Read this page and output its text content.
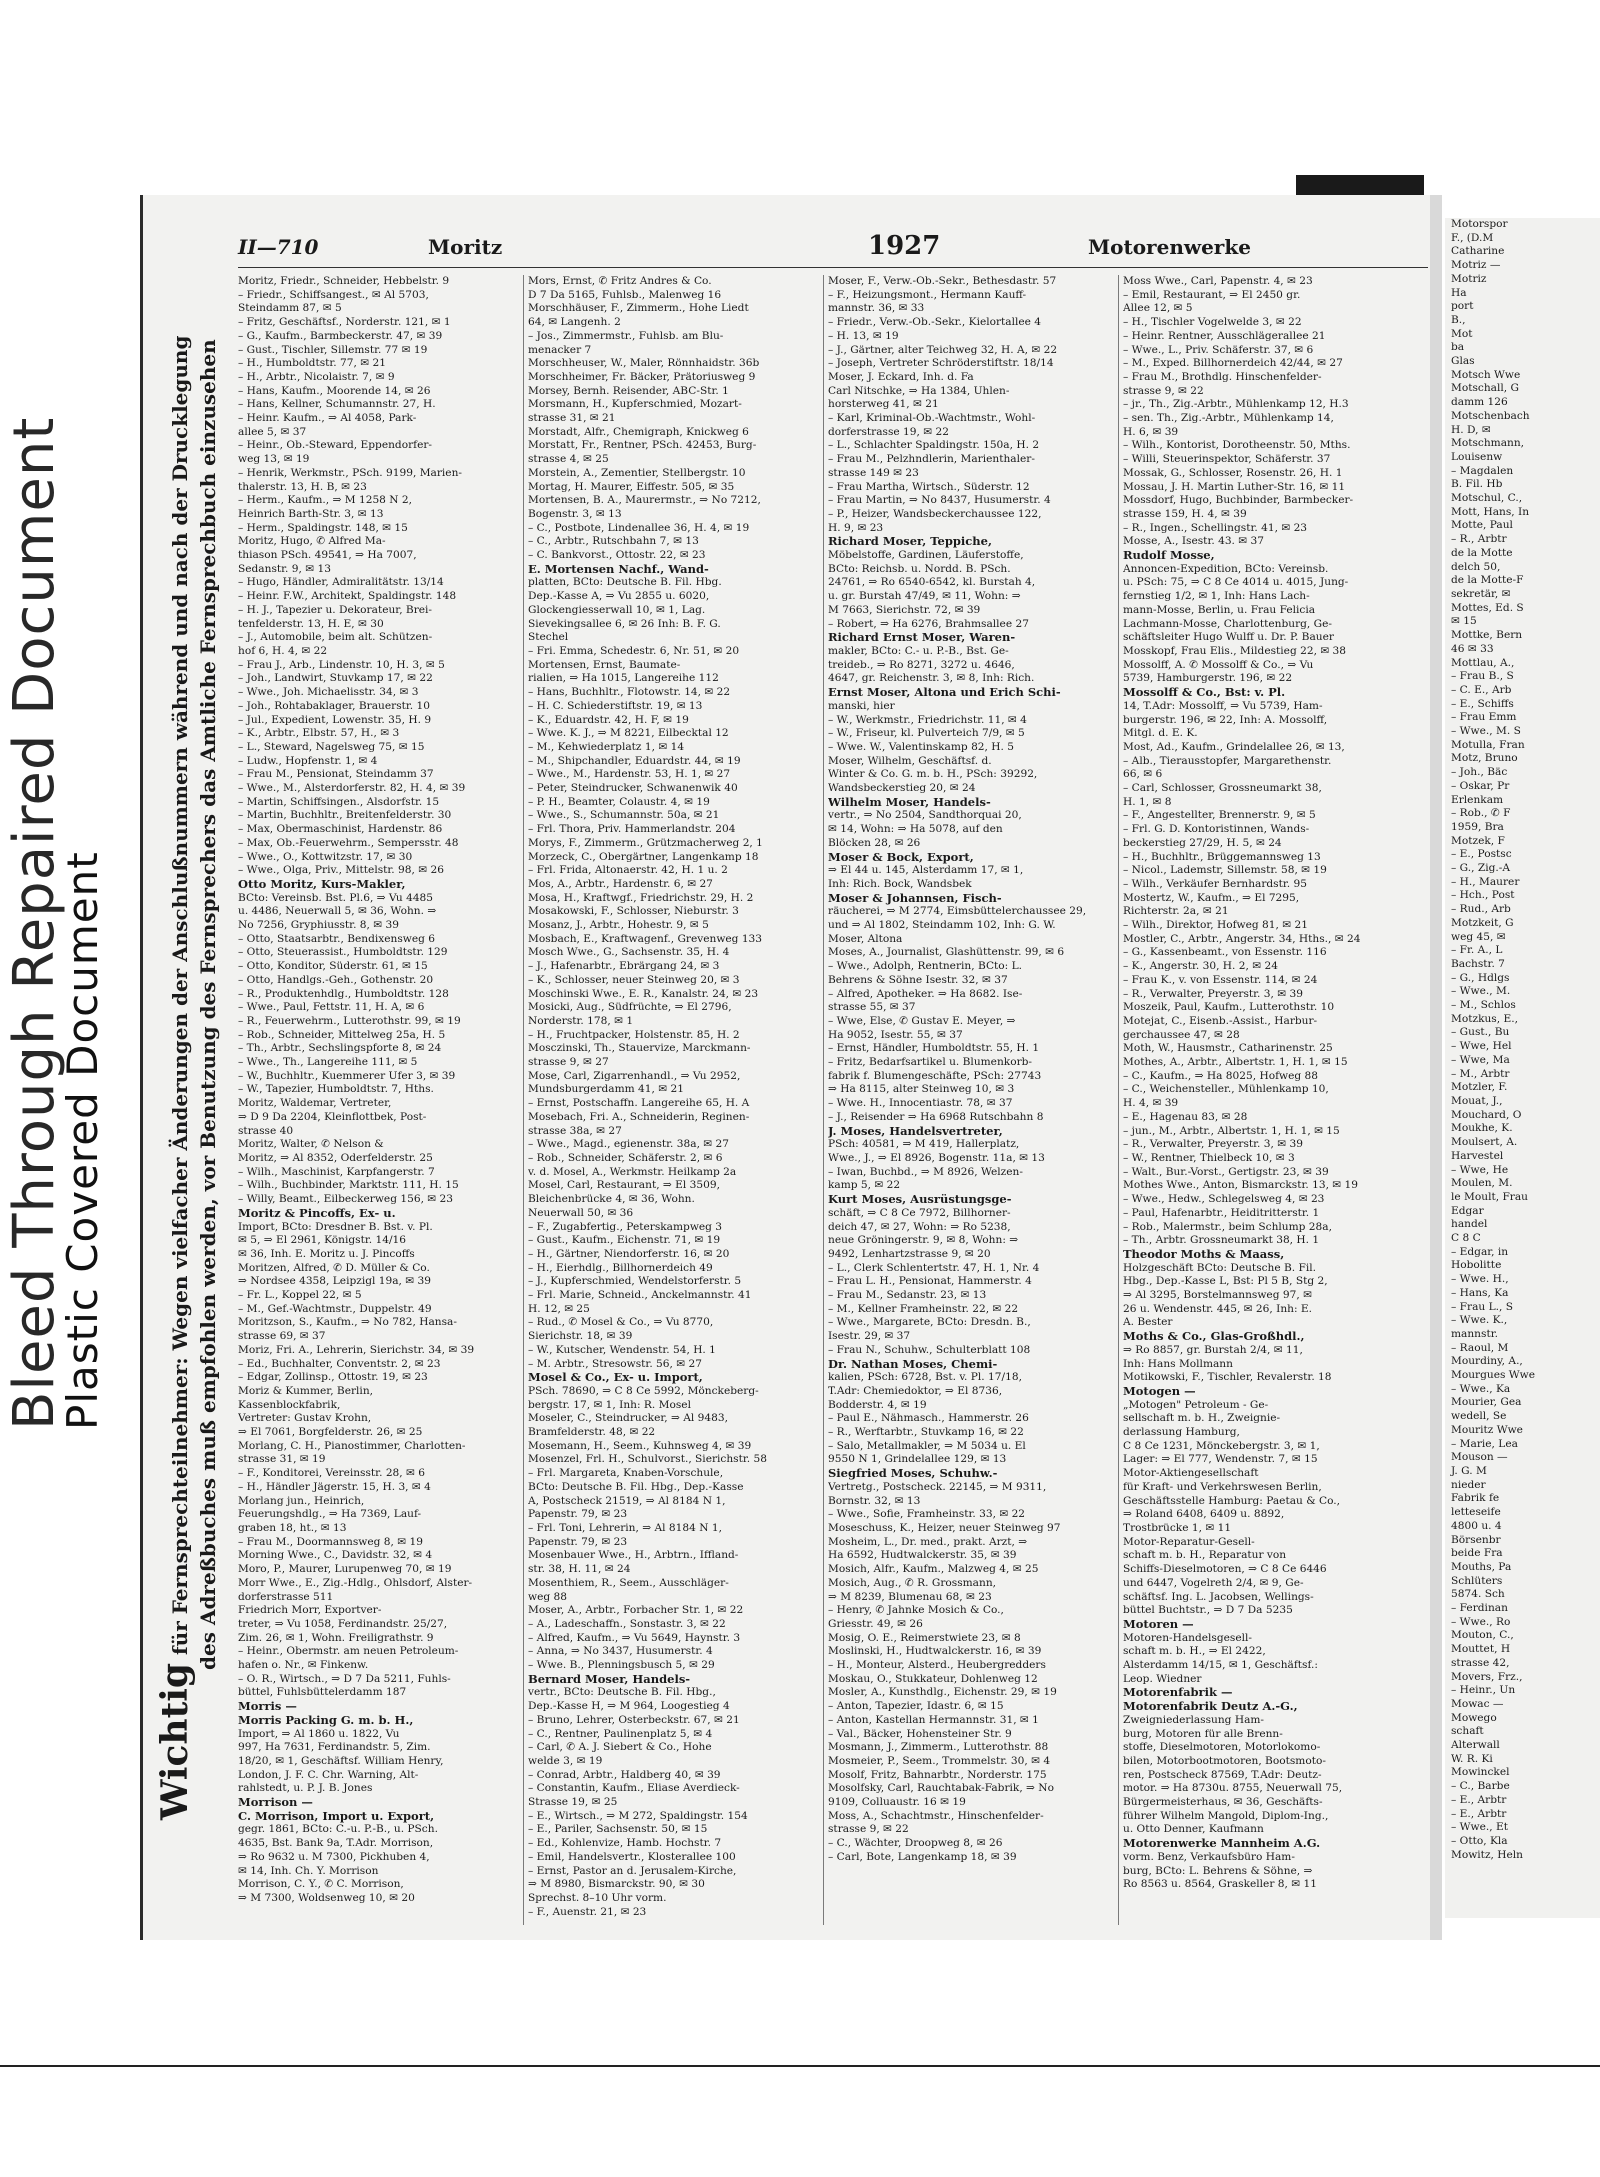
Bleed Through Repaired Document
Plastic Covered Document
II—710	Moritz	1927	Motorenwerke
Wichtigfür Fernsprechteilnehmer: Wegen vielfacher Änderungen der Anschlußnummern während und nach der Drucklegung des Adreßbuches muß empfohlen werden, vor Benutzung des Fernsprechers das Amtliche Fernsprechbuch einzusehen
Moritz, Friedr., Schneider, Hebbelstr. 9
– Friedr., Schiffsangest., ✉ Al 5703,
Steindamm 87, ✉ 5
– Fritz, Geschäftsf., Norderstr. 121, ✉ 1
– G., Kaufm., Barmbeckerstr. 47, ✉ 39
– Gust., Tischler, Sillemstr. 77 ✉ 19
– H., Humboldtstr. 77, ✉ 21
– H., Arbtr., Nicolaistr. 7, ✉ 9
– Hans, Kaufm., Moorende 14, ✉ 26
– Hans, Kellner, Schumannstr. 27, H.
– Heinr. Kaufm., ⇒ Al 4058, Park-
allee 5, ✉ 37
– Heinr., Ob.-Steward, Eppendorfer-
weg 13, ✉ 19
– Henrik, Werkmstr., PSch. 9199, Marien-
thalerstr. 13, H. B, ✉ 23
– Herm., Kaufm., ⇒ M 1258 N 2,
Heinrich Barth-Str. 3, ✉ 13
– Herm., Spaldingstr. 148, ✉ 15
Moritz, Hugo, ✆ Alfred Ma-
thiason PSch. 49541, ⇒ Ha 7007,
Sedanstr. 9, ✉ 13
– Hugo, Händler, Admiralitätstr. 13/14
– Heinr. F.W., Architekt, Spaldingstr. 148
– H. J., Tapezier u. Dekorateur, Brei-
tenfelderstr. 13, H. E, ✉ 30
– J., Automobile, beim alt. Schützen-
hof 6, H. 4, ✉ 22
– Frau J., Arb., Lindenstr. 10, H. 3, ✉ 5
– Joh., Landwirt, Stuvkamp 17, ✉ 22
– Wwe., Joh. Michaelisstr. 34, ✉ 3
– Joh., Rohtabaklager, Brauerstr. 10
– Jul., Expedient, Lowenstr. 35, H. 9
– K., Arbtr., Elbstr. 57, H., ✉ 3
– L., Steward, Nagelsweg 75, ✉ 15
– Ludw., Hopfenstr. 1, ✉ 4
– Frau M., Pensionat, Steindamm 37
– Wwe., M., Alsterdorferstr. 82, H. 4, ✉ 39
– Martin, Schiffsingen., Alsdorfstr. 15
– Martin, Buchhltr., Breitenfelderstr. 30
– Max, Obermaschinist, Hardenstr. 86
– Max, Ob.-Feuerwehrm., Sempersstr. 48
– Wwe., O., Kottwitzstr. 17, ✉ 30
– Wwe., Olga, Priv., Mittelstr. 98, ✉ 26
Otto Moritz, Kurs-Makler,
BCto: Vereinsb. Bst. Pl.6, ⇒ Vu 4485
u. 4486, Neuerwall 5, ✉ 36, Wohn. ⇒
No 7256, Gryphiusstr. 8, ✉ 39
– Otto, Staatsarbtr., Bendixensweg 6
– Otto, Steuerassist., Humboldtstr. 129
– Otto, Konditor, Süderstr. 61, ✉ 15
– Otto, Handlgs.-Geh., Gothenstr. 20
– R., Produktenhdlg., Humboldtstr. 128
– Wwe., Paul, Fettstr. 11, H. A, ✉ 6
– R., Feuerwehrm., Lutterothstr. 99, ✉ 19
– Rob., Schneider, Mittelweg 25a, H. 5
– Th., Arbtr., Sechslingspforte 8, ✉ 24
– Wwe., Th., Langereihe 111, ✉ 5
– W., Buchhltr., Kuemmerer Ufer 3, ✉ 39
– W., Tapezier, Humboldtstr. 7, Hths.
Moritz, Waldemar, Vertreter,
⇒ D 9 Da 2204, Kleinflottbek, Post-
strasse 40
Moritz, Walter, ✆ Nelson &
Moritz, ⇒ Al 8352, Oderfelderstr. 25
– Wilh., Maschinist, Karpfangerstr. 7
– Wilh., Buchbinder, Marktstr. 111, H. 15
– Willy, Beamt., Eilbeckerweg 156, ✉ 23
Moritz & Pincoffs, Ex- u.
Import, BCto: Dresdner B. Bst. v. Pl.
✉ 5, ⇒ El 2961, Königstr. 14/16
✉ 36, Inh. E. Moritz u. J. Pincoffs
Moritzen, Alfred, ✆ D. Müller & Co.
⇒ Nordsee 4358, Leipzigl 19a, ✉ 39
– Fr. L., Koppel 22, ✉ 5
– M., Gef.-Wachtmstr., Duppelstr. 49
Moritzson, S., Kaufm., ⇒ No 782, Hansa-
strasse 69, ✉ 37
Moriz, Fri. A., Lehrerin, Sierichstr. 34, ✉ 39
– Ed., Buchhalter, Conventstr. 2, ✉ 23
– Edgar, Zollinsp., Ottostr. 19, ✉ 23
Moriz & Kummer, Berlin,
Kassenblockfabrik,
Vertreter: Gustav Krohn,
⇒ El 7061, Borgfelderstr. 26, ✉ 25
Morlang, C. H., Pianostimmer, Charlotten-
strasse 31, ✉ 19
– F., Konditorei, Vereinsstr. 28, ✉ 6
– H., Händler Jägerstr. 15, H. 3, ✉ 4
Morlang jun., Heinrich,
Feuerungshdlg., ⇒ Ha 7369, Lauf-
graben 18, ht., ✉ 13
– Frau M., Doormannsweg 8, ✉ 19
Morning Wwe., C., Davidstr. 32, ✉ 4
Moro, P., Maurer, Lurupenweg 70, ✉ 19
Morr Wwe., E., Zig.-Hdlg., Ohlsdorf, Alster-
dorferstrasse 511
Friedrich Morr, Exportver-
treter, ⇒ Vu 1058, Ferdinandstr. 25/27,
Zim. 26, ✉ 1, Wohn. Freiligrathstr. 9
– Heinr., Obermstr. am neuen Petroleum-
hafen o. Nr., ✉ Finkenw.
– O. R., Wirtsch., ⇒ D 7 Da 5211, Fuhls-
büttel, Fuhlsbüttelerdamm 187
Morris —
Morris Packing G. m. b. H.,
Import, ⇒ Al 1860 u. 1822, Vu
997, Ha 7631, Ferdinandstr. 5, Zim.
18/20, ✉ 1, Geschäftsf. William Henry,
London, J. F. C. Chr. Warning, Alt-
rahlstedt, u. P. J. B. Jones
Morrison —
C. Morrison, Import u. Export,
gegr. 1861, BCto: C.-u. P.-B., u. PSch.
4635, Bst. Bank 9a, T.Adr. Morrison,
⇒ Ro 9632 u. M 7300, Pickhuben 4,
✉ 14, Inh. Ch. Y. Morrison
Morrison, C. Y., ✆ C. Morrison,
⇒ M 7300, Woldsenweg 10, ✉ 20
Mors, Ernst, ✆ Fritz Andres & Co.
D 7 Da 5165, Fuhlsb., Malenweg 16
Morschhäuser, F., Zimmerm., Hohe Liedt
64, ✉ Langenh. 2
– Jos., Zimmermstr., Fuhlsb. am Blu-
menacker 7
Morschheuser, W., Maler, Rönnhaidstr. 36b
Morschheimer, Fr. Bäcker, Prätoriusweg 9
Morsey, Bernh. Reisender, ABC-Str. 1
Morsmann, H., Kupferschmied, Mozart-
strasse 31, ✉ 21
Morstadt, Alfr., Chemigraph, Knickweg 6
Morstatt, Fr., Rentner, PSch. 42453, Burg-
strasse 4, ✉ 25
Morstein, A., Zementier, Stellbergstr. 10
Mortag, H. Maurer, Eiffestr. 505, ✉ 35
Mortensen, B. A., Maurermstr., ⇒ No 7212,
Bogenstr. 3, ✉ 13
– C., Postbote, Lindenallee 36, H. 4, ✉ 19
– C., Arbtr., Rutschbahn 7, ✉ 13
– C. Bankvorst., Ottostr. 22, ✉ 23
E. Mortensen Nachf., Wand-
platten, BCto: Deutsche B. Fil. Hbg.
Dep.-Kasse A, ⇒ Vu 2855 u. 6020,
Glockengiesserwall 10, ✉ 1, Lag.
Sievekingsallee 6, ✉ 26 Inh: B. F. G.
Stechel
– Fri. Emma, Schedestr. 6, Nr. 51, ✉ 20
Mortensen, Ernst, Baumate-
rialien, ⇒ Ha 1015, Langereihe 112
– Hans, Buchhltr., Flotowstr. 14, ✉ 22
– H. C. Schiederstiftstr. 19, ✉ 13
– K., Eduardstr. 42, H. F, ✉ 19
– Wwe. K. J., ⇒ M 8221, Eilbecktal 12
– M., Kehwiederplatz 1, ✉ 14
– M., Shipchandler, Eduardstr. 44, ✉ 19
– Wwe., M., Hardenstr. 53, H. 1, ✉ 27
– Peter, Steindrucker, Schwanenwik 40
– P. H., Beamter, Colaustr. 4, ✉ 19
– Wwe., S., Schumannstr. 50a, ✉ 21
– Frl. Thora, Priv. Hammerlandstr. 204
Morys, F., Zimmerm., Grützmacherweg 2, 1
Morzeck, C., Obergärtner, Langenkamp 18
– Frl. Frida, Altonaerstr. 42, H. 1 u. 2
Mos, A., Arbtr., Hardenstr. 6, ✉ 27
Mosa, H., Kraftwgf., Friedrichstr. 29, H. 2
Mosakowski, F., Schlosser, Nieburstr. 3
Mosanz, J., Arbtr., Hohestr. 9, ✉ 5
Mosbach, E., Kraftwagenf., Grevenweg 133
Mosch Wwe., G., Sachsenstr. 35, H. 4
– J., Hafenarbtr., Ebrärgang 24, ✉ 3
– K., Schlosser, neuer Steinweg 20, ✉ 3
Moschinski Wwe., E. R., Kanalstr. 24, ✉ 23
Mosicki, Aug., Südfrüchte, ⇒ El 2796,
Norderstr. 178, ✉ 1
– H., Fruchtpacker, Holstenstr. 85, H. 2
Mosczinski, Th., Stauervize, Marckmann-
strasse 9, ✉ 27
Mose, Carl, Zigarrenhandl., ⇒ Vu 2952,
Mundsburgerdamm 41, ✉ 21
– Ernst, Postschaffn. Langereihe 65, H. A
Mosebach, Fri. A., Schneiderin, Reginen-
strasse 38a, ✉ 27
– Wwe., Magd., egienenstr. 38a, ✉ 27
– Rob., Schneider, Schäferstr. 2, ✉ 6
v. d. Mosel, A., Werkmstr. Heilkamp 2a
Mosel, Carl, Restaurant, ⇒ El 3509,
Bleichenbrücke 4, ✉ 36, Wohn.
Neuerwall 50, ✉ 36
– F., Zugabfertig., Peterskampweg 3
– Gust., Kaufm., Eichenstr. 71, ✉ 19
– H., Gärtner, Niendorferstr. 16, ✉ 20
– H., Eierhdlg., Billhornerdeich 49
– J., Kupferschmied, Wendelstorferstr. 5
– Frl. Marie, Schneid., Anckelmannstr. 41
H. 12, ✉ 25
– Rud., ✆ Mosel & Co., ⇒ Vu 8770,
Sierichstr. 18, ✉ 39
– W., Kutscher, Wendenstr. 54, H. 1
– M. Arbtr., Stresowstr. 56, ✉ 27
Mosel & Co., Ex- u. Import,
PSch. 78690, ⇒ C 8 Ce 5992, Mönckeberg-
bergstr. 17, ✉ 1, Inh: R. Mosel
Moseler, C., Steindrucker, ⇒ Al 9483,
Bramfelderstr. 48, ✉ 22
Mosemann, H., Seem., Kuhnsweg 4, ✉ 39
Mosenzel, Frl. H., Schulvorst., Sierichstr. 58
– Frl. Margareta, Knaben-Vorschule,
BCto: Deutsche B. Fil. Hbg., Dep.-Kasse
A, Postscheck 21519, ⇒ Al 8184 N 1,
Papenstr. 79, ✉ 23
– Frl. Toni, Lehrerin, ⇒ Al 8184 N 1,
Papenstr. 79, ✉ 23
Mosenbauer Wwe., H., Arbtrn., Iffland-
str. 38, H. 11, ✉ 24
Mosenthiem, R., Seem., Ausschläger-
weg 88
Moser, A., Arbtr., Forbacher Str. 1, ✉ 22
– A., Ladeschaffn., Sonstastr. 3, ✉ 22
– Alfred, Kaufm., ⇒ Vu 5649, Haynstr. 3
– Anna, ⇒ No 3437, Husumerstr. 4
– Wwe. B., Plenningsbusch 5, ✉ 29
Bernard Moser, Handels-
vertr., BCto: Deutsche B. Fil. Hbg.,
Dep.-Kasse H, ⇒ M 964, Loogestieg 4
– Bruno, Lehrer, Osterbeckstr. 67, ✉ 21
– C., Rentner, Paulinenplatz 5, ✉ 4
– Carl, ✆ A. J. Siebert & Co., Hohe
welde 3, ✉ 19
– Conrad, Arbtr., Haldberg 40, ✉ 39
– Constantin, Kaufm., Eliase Averdieck-
Strasse 19, ✉ 25
– E., Wirtsch., ⇒ M 272, Spaldingstr. 154
– E., Pariler, Sachsenstr. 50, ✉ 15
– Ed., Kohlenvize, Hamb. Hochstr. 7
– Emil, Handelsvertr., Klosterallee 100
– Ernst, Pastor an d. Jerusalem-Kirche,
⇒ M 8980, Bismarckstr. 90, ✉ 30
Sprechst. 8–10 Uhr vorm.
– F., Auenstr. 21, ✉ 23
Moser, F., Verw.-Ob.-Sekr., Bethesdastr. 57
– F., Heizungsmont., Hermann Kauff-
mannstr. 36, ✉ 33
– Friedr., Verw.-Ob.-Sekr., Kielortallee 4
– H. 13, ✉ 19
– J., Gärtner, alter Teichweg 32, H. A, ✉ 22
– Joseph, Vertreter Schröderstiftstr. 18/14
Moser, J. Eckard, Inh. d. Fa
Carl Nitschke, ⇒ Ha 1384, Uhlen-
horsterweg 41, ✉ 21
– Karl, Kriminal-Ob.-Wachtmstr., Wohl-
dorferstrasse 19, ✉ 22
– L., Schlachter Spaldingstr. 150a, H. 2
– Frau M., Pelzhndlerin, Marienthaler-
strasse 149 ✉ 23
– Frau Martha, Wirtsch., Süderstr. 12
– Frau Martin, ⇒ No 8437, Husumerstr. 4
– P., Heizer, Wandsbeckerchaussee 122,
H. 9, ✉ 23
Richard Moser, Teppiche,
Möbelstoffe, Gardinen, Läuferstoffe,
BCto: Reichsb. u. Nordd. B. PSch.
24761, ⇒ Ro 6540-6542, kl. Burstah 4,
u. gr. Burstah 47/49, ✉ 11, Wohn: ⇒
M 7663, Sierichstr. 72, ✉ 39
– Robert, ⇒ Ha 6276, Brahmsallee 27
Richard Ernst Moser, Waren-
makler, BCto: C.- u. P.-B., Bst. Ge-
treideb., ⇒ Ro 8271, 3272 u. 4646,
4647, gr. Reichenstr. 3, ✉ 8, Inh: Rich.
Ernst Moser, Altona und Erich Schi-
manski, hier
– W., Werkmstr., Friedrichstr. 11, ✉ 4
– W., Friseur, kl. Pulverteich 7/9, ✉ 5
– Wwe. W., Valentinskamp 82, H. 5
Moser, Wilhelm, Geschäftsf. d.
Winter & Co. G. m. b. H., PSch: 39292,
Wandsbeckerstieg 20, ✉ 24
Wilhelm Moser, Handels-
vertr., ⇒ No 2504, Sandthorquai 20,
✉ 14, Wohn: ⇒ Ha 5078, auf den
Blöcken 28, ✉ 26
Moser & Bock, Export,
⇒ El 44 u. 145, Alsterdamm 17, ✉ 1,
Inh: Rich. Bock, Wandsbek
Moser & Johannsen, Fisch-
räucherei, ⇒ M 2774, Eimsbüttelerchaussee 29,
und ⇒ Al 1802, Steindamm 102, Inh: G. W.
Moser, Altona
Moses, A., Journalist, Glashüttenstr. 99, ✉ 6
– Wwe., Adolph, Rentnerin, BCto: L.
Behrens & Söhne Isestr. 32, ✉ 37
– Alfred, Apotheker. ⇒ Ha 8682. Ise-
strasse 55, ✉ 37
– Wwe, Else, ✆ Gustav E. Meyer, ⇒
Ha 9052, Isestr. 55, ✉ 37
– Ernst, Händler, Humboldtstr. 55, H. 1
– Fritz, Bedarfsartikel u. Blumenkorb-
fabrik f. Blumengeschäfte, PSch: 27743
⇒ Ha 8115, alter Steinweg 10, ✉ 3
– Wwe. H., Innocentiastr. 78, ✉ 37
– J., Reisender ⇒ Ha 6968 Rutschbahn 8
J. Moses, Handelsvertreter,
PSch: 40581, ⇒ M 419, Hallerplatz,
Wwe., J., ⇒ El 8926, Bogenstr. 11a, ✉ 13
– Iwan, Buchbd., ⇒ M 8926, Welzen-
kamp 5, ✉ 22
Kurt Moses, Ausrüstungsge-
schäft, ⇒ C 8 Ce 7972, Billhorner-
deich 47, ✉ 27, Wohn: ⇒ Ro 5238,
neue Gröningerstr. 9, ✉ 8, Wohn: ⇒
9492, Lenhartzstrasse 9, ✉ 20
– L., Clerk Schlentertstr. 47, H. 1, Nr. 4
– Frau L. H., Pensionat, Hammerstr. 4
– Frau M., Sedanstr. 23, ✉ 13
– M., Kellner Framheinstr. 22, ✉ 22
– Wwe., Margarete, BCto: Dresdn. B.,
Isestr. 29, ✉ 37
– Frau N., Schuhw., Schulterblatt 108
Dr. Nathan Moses, Chemi-
kalien, PSch: 6728, Bst. v. Pl. 17/18,
T.Adr: Chemiedoktor, ⇒ El 8736,
Bodderstr. 4, ✉ 19
– Paul E., Nähmasch., Hammerstr. 26
– R., Werftarbtr., Stuvkamp 16, ✉ 22
– Salo, Metallmakler, ⇒ M 5034 u. El
9550 N 1, Grindelallee 129, ✉ 13
Siegfried Moses, Schuhw.-
Vertretg., Postscheck. 22145, ⇒ M 9311,
Bornstr. 32, ✉ 13
– Wwe., Sofie, Framheinstr. 33, ✉ 22
Moseschuss, K., Heizer, neuer Steinweg 97
Mosheim, L., Dr. med., prakt. Arzt, ⇒
Ha 6592, Hudtwalckerstr. 35, ✉ 39
Mosich, Alfr., Kaufm., Malzweg 4, ✉ 25
Mosich, Aug., ✆ R. Grossmann,
⇒ M 8239, Blumenau 68, ✉ 23
– Henry, ✆ Jahnke Mosich & Co.,
Griesstr. 49, ✉ 26
Mosig, O. E., Reimerstwiete 23, ✉ 8
Moslinski, H., Hudtwalckerstr. 16, ✉ 39
– H., Monteur, Alsterd., Heubergredders
Moskau, O., Stukkateur, Dohlenweg 12
Mosler, A., Kunsthdlg., Eichenstr. 29, ✉ 19
– Anton, Tapezier, Idastr. 6, ✉ 15
– Anton, Kastellan Hermannstr. 31, ✉ 1
– Val., Bäcker, Hohensteiner Str. 9
Mosmann, J., Zimmerm., Lutterothstr. 88
Mosmeier, P., Seem., Trommelstr. 30, ✉ 4
Mosolf, Fritz, Bahnarbtr., Norderstr. 175
Mosolfsky, Carl, Rauchtabak-Fabrik, ⇒ No
9109, Colluaustr. 16 ✉ 19
Moss, A., Schachtmstr., Hinschenfelder-
strasse 9, ✉ 22
– C., Wächter, Droopweg 8, ✉ 26
– Carl, Bote, Langenkamp 18, ✉ 39
Moss Wwe., Carl, Papenstr. 4, ✉ 23
– Emil, Restaurant, ⇒ El 2450 gr.
Allee 12, ✉ 5
– H., Tischler Vogelwelde 3, ✉ 22
– Heinr. Rentner, Ausschlägerallee 21
– Wwe., L., Priv. Schäferstr. 37, ✉ 6
– M., Exped. Billhornerdeich 42/44, ✉ 27
– Frau M., Brothdlg. Hinschenfelder-
strasse 9, ✉ 22
– jr., Th., Zig.-Arbtr., Mühlenkamp 12, H.3
– sen. Th., Zig.-Arbtr., Mühlenkamp 14,
H. 6, ✉ 39
– Wilh., Kontorist, Dorotheenstr. 50, Mths.
– Willi, Steuerinspektor, Schäferstr. 37
Mossak, G., Schlosser, Rosenstr. 26, H. 1
Mossau, J. H. Martin Luther-Str. 16, ✉ 11
Mossdorf, Hugo, Buchbinder, Barmbecker-
strasse 159, H. 4, ✉ 39
– R., Ingen., Schellingstr. 41, ✉ 23
Mosse, A., Isestr. 43. ✉ 37
Rudolf Mosse,
Annoncen-Expedition, BCto: Vereinsb.
u. PSch: 75, ⇒ C 8 Ce 4014 u. 4015, Jung-
fernstieg 1/2, ✉ 1, Inh: Hans Lach-
mann-Mosse, Berlin, u. Frau Felicia
Lachmann-Mosse, Charlottenburg, Ge-
schäftsleiter Hugo Wulff u. Dr. P. Bauer
Mosskopf, Frau Elis., Mildestieg 22, ✉ 38
Mossolff, A. ✆ Mossolff & Co., ⇒ Vu
5739, Hamburgerstr. 196, ✉ 22
Mossolff & Co., Bst: v. Pl.
14, T.Adr: Mossolff, ⇒ Vu 5739, Ham-
burgerstr. 196, ✉ 22, Inh: A. Mossolff,
Mitgl. d. E. K.
Most, Ad., Kaufm., Grindelallee 26, ✉ 13,
– Alb., Tierausstopfer, Margarethenstr.
66, ✉ 6
– Carl, Schlosser, Grossneumarkt 38,
H. 1, ✉ 8
– F., Angestellter, Brennerstr. 9, ✉ 5
– Frl. G. D. Kontoristinnen, Wands-
beckerstieg 27/29, H. 5, ✉ 24
– H., Buchhltr., Brüggemannsweg 13
– Nicol., Lademstr, Sillemstr. 58, ✉ 19
– Wilh., Verkäufer Bernhardstr. 95
Mostertz, W., Kaufm., ⇒ El 7295,
Richterstr. 2a, ✉ 21
– Wilh., Direktor, Hofweg 81, ✉ 21
Mostler, C., Arbtr., Angerstr. 34, Hths., ✉ 24
– G., Kassenbeamt., von Essenstr. 116
– K., Angerstr. 30, H. 2, ✉ 24
– Frau K., v. von Essenstr. 114, ✉ 24
– R., Verwalter, Preyerstr. 3, ✉ 39
Moszeik, Paul, Kaufm., Lutterothstr. 10
Motejat, C., Eisenb.-Assist., Harbur-
gerchaussee 47, ✉ 28
Moth, W., Hausmstr., Catharinenstr. 25
Mothes, A., Arbtr., Albertstr. 1, H. 1, ✉ 15
– C., Kaufm., ⇒ Ha 8025, Hofweg 88
– C., Weichensteller., Mühlenkamp 10,
H. 4, ✉ 39
– E., Hagenau 83, ✉ 28
– jun., M., Arbtr., Albertstr. 1, H. 1, ✉ 15
– R., Verwalter, Preyerstr. 3, ✉ 39
– W., Rentner, Thielbeck 10, ✉ 3
– Walt., Bur.-Vorst., Gertigstr. 23, ✉ 39
Mothes Wwe., Anton, Bismarckstr. 13, ✉ 19
– Wwe., Hedw., Schlegelsweg 4, ✉ 23
– Paul, Hafenarbtr., Heiditritterstr. 1
– Rob., Malermstr., beim Schlump 28a,
– Th., Arbtr. Grossneumarkt 38, H. 1
Theodor Moths & Maass,
Holzgeschäft BCto: Deutsche B. Fil.
Hbg., Dep.-Kasse L, Bst: Pl 5 B, Stg 2,
⇒ Al 3295, Borstelmannsweg 97, ✉
26 u. Wendenstr. 445, ✉ 26, Inh: E.
A. Bester
Moths & Co., Glas-Großhdl.,
⇒ Ro 8857, gr. Burstah 2/4, ✉ 11,
Inh: Hans Mollmann
Motikowski, F., Tischler, Revalerstr. 18
Motogen —
„Motogen" Petroleum - Ge-
sellschaft m. b. H., Zweignie-
derlassung Hamburg,
C 8 Ce 1231, Mönckebergstr. 3, ✉ 1,
Lager: ⇒ El 777, Wendenstr. 7, ✉ 15
Motor-Aktiengesellschaft
für Kraft- und Verkehrswesen Berlin,
Geschäftsstelle Hamburg: Paetau & Co.,
⇒ Roland 6408, 6409 u. 8892,
Trostbrücke 1, ✉ 11
Motor-Reparatur-Gesell-
schaft m. b. H., Reparatur von
Schiffs-Dieselmotoren, ⇒ C 8 Ce 6446
und 6447, Vogelreth 2/4, ✉ 9, Ge-
schäftsf. Ing. L. Jacobsen, Wellings-
büttel Buchtstr., ⇒ D 7 Da 5235
Motoren —
Motoren-Handelsgesell-
schaft m. b. H., ⇒ El 2422,
Alsterdamm 14/15, ✉ 1, Geschäftsf.:
Leop. Wiedner
Motorenfabrik —
Motorenfabrik Deutz A.-G.,
Zweigniederlassung Ham-
burg, Motoren für alle Brenn-
stoffe, Dieselmotoren, Motorlokomo-
bilen, Motorbootmotoren, Bootsmoto-
ren, Postscheck 87569, T.Adr: Deutz-
motor. ⇒ Ha 8730u. 8755, Neuerwall 75,
Bürgermeisterhaus, ✉ 36, Geschäfts-
führer Wilhelm Mangold, Diplom-Ing.,
u. Otto Denner, Kaufmann
Motorenwerke Mannheim A.G.
vorm. Benz, Verkaufsbüro Ham-
burg, BCto: L. Behrens & Söhne, ⇒
Ro 8563 u. 8564, Graskeller 8, ✉ 11
Motorspor
F., (D.M
Catharine
Motriz —
Motriz
Ha
port
B.,
Mot
ba
Glas
Motsch Wwe
Motschall, G
damm 126
Motschenbach
H. D, ✉
Motschmann,
Louisenw
– Magdalen
B. Fil. Hb
Motschul, C.,
Mott, Hans, In
Motte, Paul
– R., Arbtr
de la Motte
delch 50,
de la Motte-F
sekretär, ✉
Mottes, Ed. S
✉ 15
Mottke, Bern
46 ✉ 33
Mottlau, A.,
– Frau B., S
– C. E., Arb
– E., Schiffs
– Frau Emm
– Wwe., M. S
Motulla, Fran
Motz, Bruno
– Joh., Bäc
– Oskar, Pr
Erlenkam
– Rob., ✆ F
1959, Bra
Motzek, F
– E., Postsc
– G., Zig.-A
– H., Maurer
– Hch., Post
– Rud., Arb
Motzkeit, G
weg 45, ✉
– Fr. A., L
Bachstr. 7
– G., Hdlgs
– Wwe., M.
– M., Schlos
Motzkus, E.,
– Gust., Bu
– Wwe, Hel
– Wwe, Ma
– M., Arbtr
Motzler, F.
Mouat, J.,
Mouchard, O
Moukhe, K.
Moulsert, A.
Harvestel
– Wwe, He
Moulen, M.
le Moult, Frau
Edgar
handel
C 8 C
– Edgar, in
Hobolitte
– Wwe. H.,
– Hans, Ka
– Frau L., S
– Wwe. K.,
mannstr.
– Raoul, M
Mourdiny, A.,
Mourgues Wwe
– Wwe., Ka
Mourier, Gea
wedell, Se
Mouritz Wwe
– Marie, Lea
Mouson —
J. G. M
nieder
Fabrik fe
letteseife
4800 u. 4
Börsenbr
beide Fra
Mouths, Pa
Schlüters
5874. Sch
– Ferdinan
– Wwe., Ro
Mouton, C.,
Mouttet, H
strasse 42,
Movers, Frz.,
– Heinr., Un
Mowac —
Mowego
schaft
Alterwall
W. R. Ki
Mowinckel
– C., Barbe
– E., Arbtr
– E., Arbtr
– Wwe., Et
– Otto, Kla
Mowitz, Heln
